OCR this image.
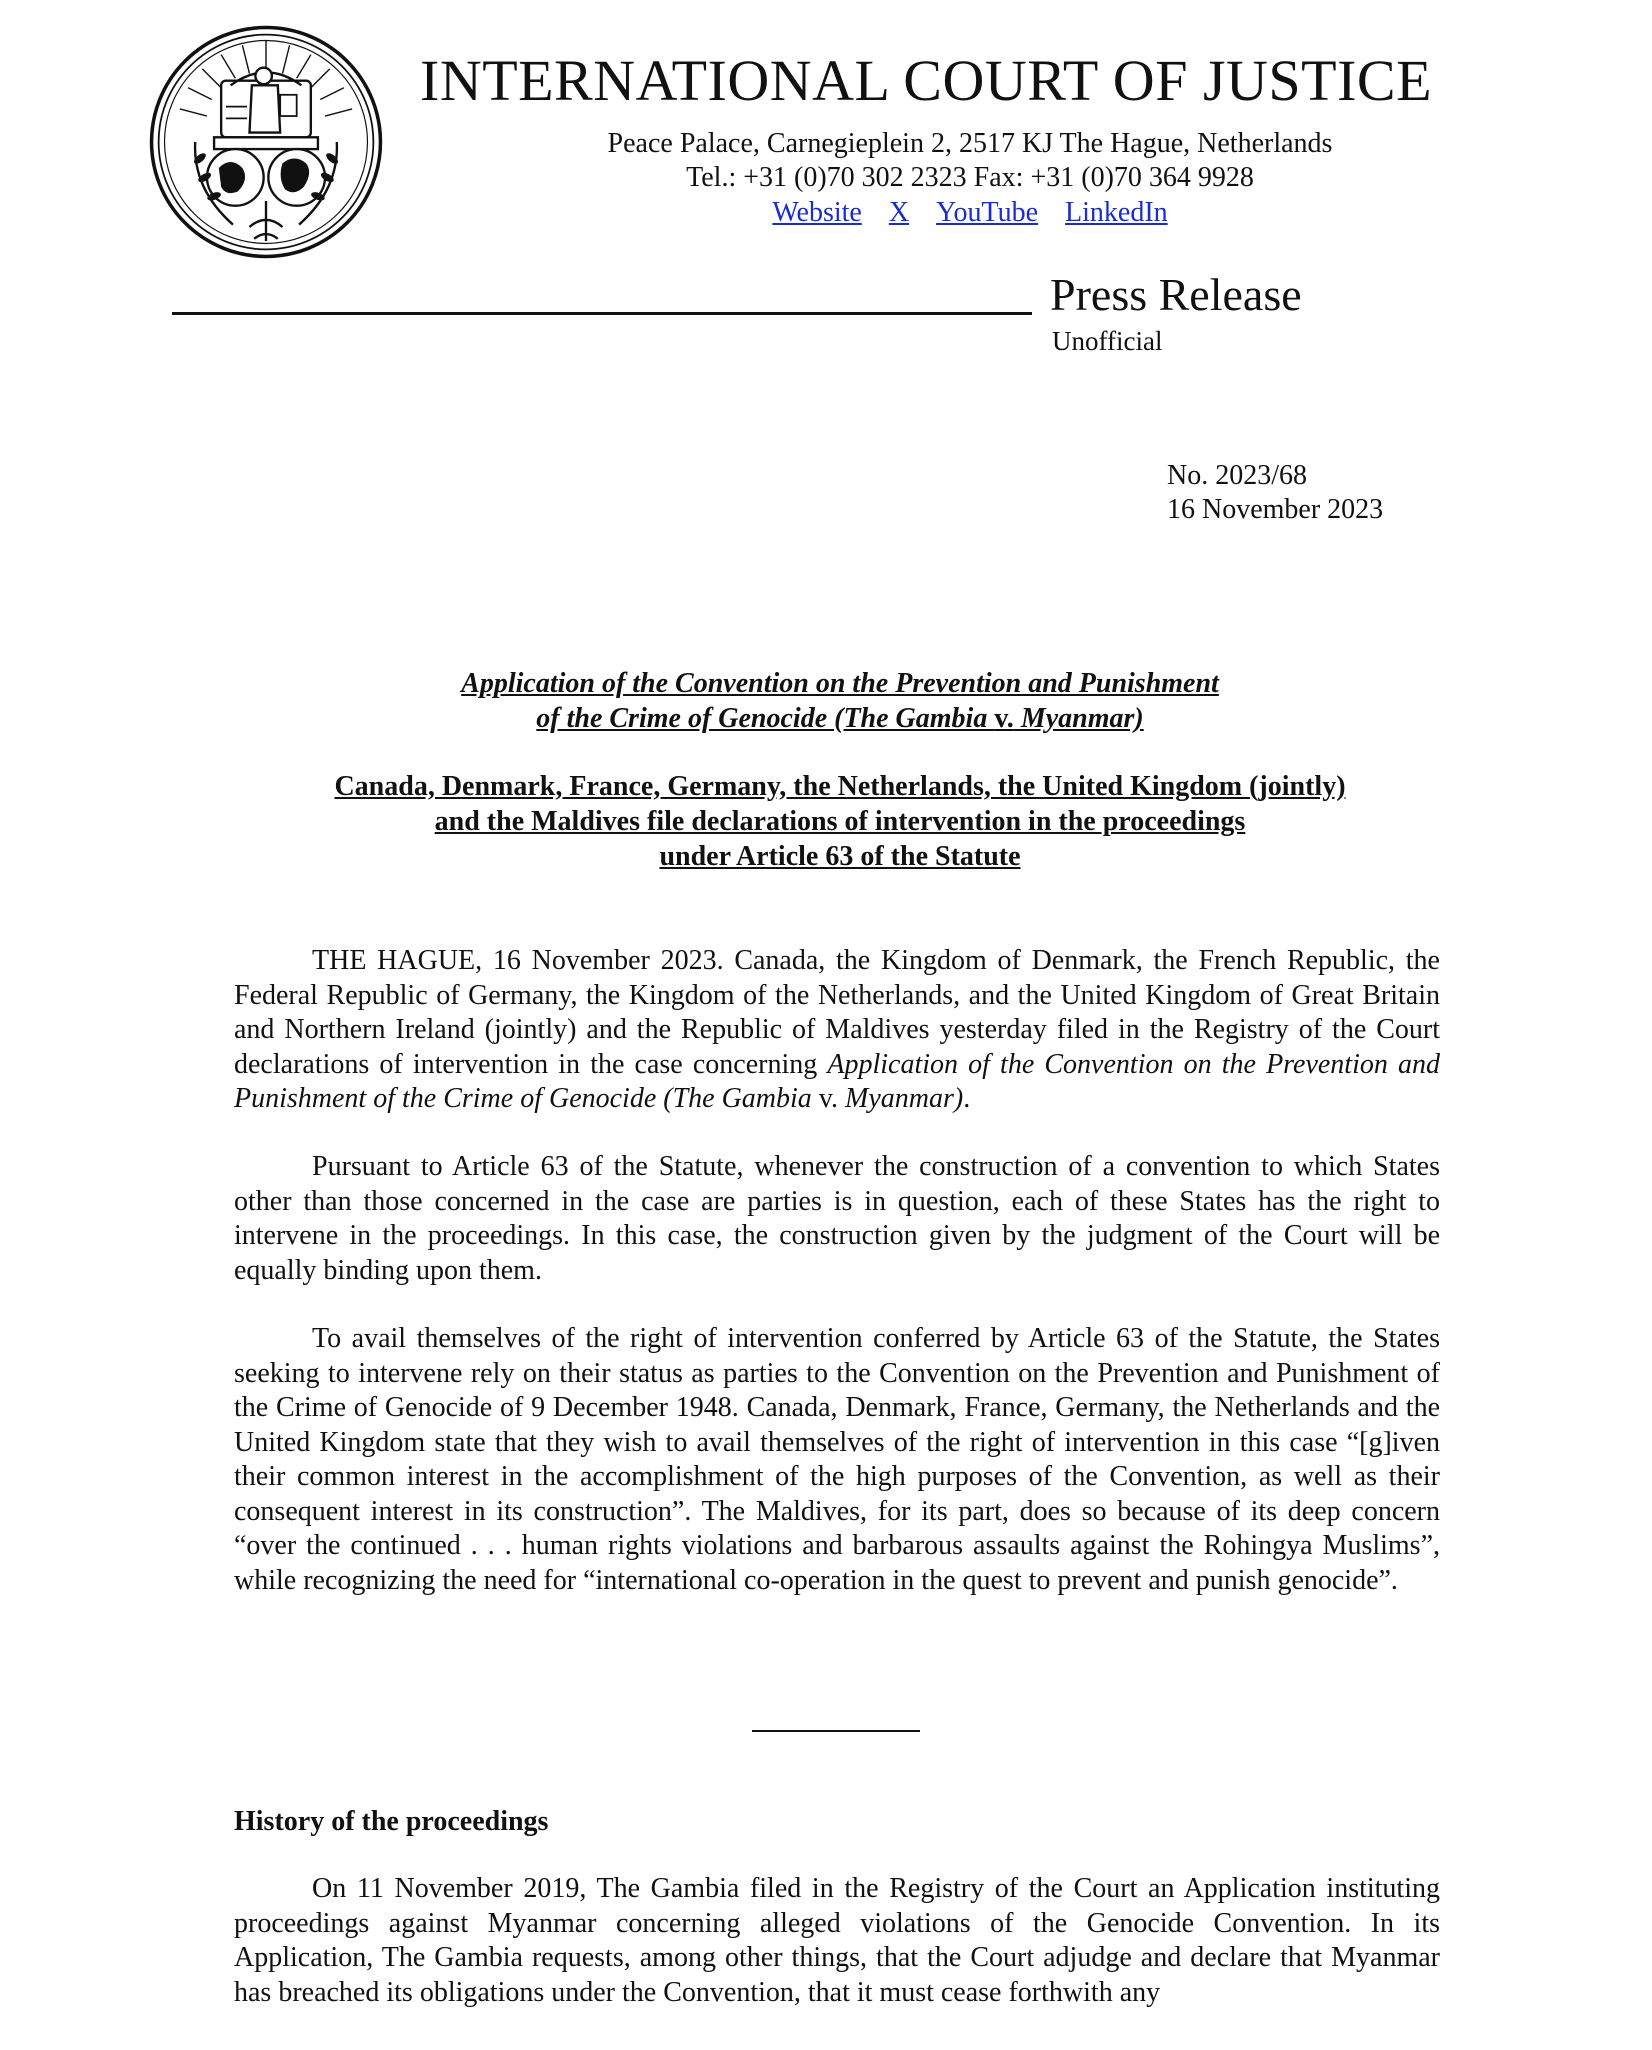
INTERNATIONAL COURT OF JUSTICE
Peace Palace, Carnegieplein 2, 2517 KJ The Hague, Netherlands
Tel.: +31 (0)70 302 2323 Fax: +31 (0)70 364 9928
Website X YouTube LinkedIn
Press Release
Unofficial
No. 2023/68
16 November 2023
Application of the Convention on the Prevention and Punishment
of the Crime of Genocide (The Gambia v. Myanmar)
Canada, Denmark, France, Germany, the Netherlands, the United Kingdom (jointly)
and the Maldives file declarations of intervention in the proceedings
under Article 63 of the Statute

THE HAGUE, 16 November 2023. Canada, the Kingdom of Denmark, the French Republic, the Federal Republic of Germany, the Kingdom of the Netherlands, and the United Kingdom of Great Britain and Northern Ireland (jointly) and the Republic of Maldives yesterday filed in the Registry of the Court declarations of intervention in the case concerning Application of the Convention on the Prevention and Punishment of the Crime of Genocide (The Gambia v. Myanmar).

Pursuant to Article 63 of the Statute, whenever the construction of a convention to which States other than those concerned in the case are parties is in question, each of these States has the right to intervene in the proceedings. In this case, the construction given by the judgment of the Court will be equally binding upon them.

To avail themselves of the right of intervention conferred by Article 63 of the Statute, the States seeking to intervene rely on their status as parties to the Convention on the Prevention and Punishment of the Crime of Genocide of 9 December 1948. Canada, Denmark, France, Germany, the Netherlands and the United Kingdom state that they wish to avail themselves of the right of intervention in this case “[g]iven their common interest in the accomplishment of the high purposes of the Convention, as well as their consequent interest in its construction”. The Maldives, for its part, does so because of its deep concern “over the continued . . . human rights violations and barbarous assaults against the Rohingya Muslims”, while recognizing the need for “international co-operation in the quest to prevent and punish genocide”.

History of the proceedings

On 11 November 2019, The Gambia filed in the Registry of the Court an Application instituting proceedings against Myanmar concerning alleged violations of the Genocide Convention. In its Application, The Gambia requests, among other things, that the Court adjudge and declare that Myanmar has breached its obligations under the Convention, that it must cease forthwith any
